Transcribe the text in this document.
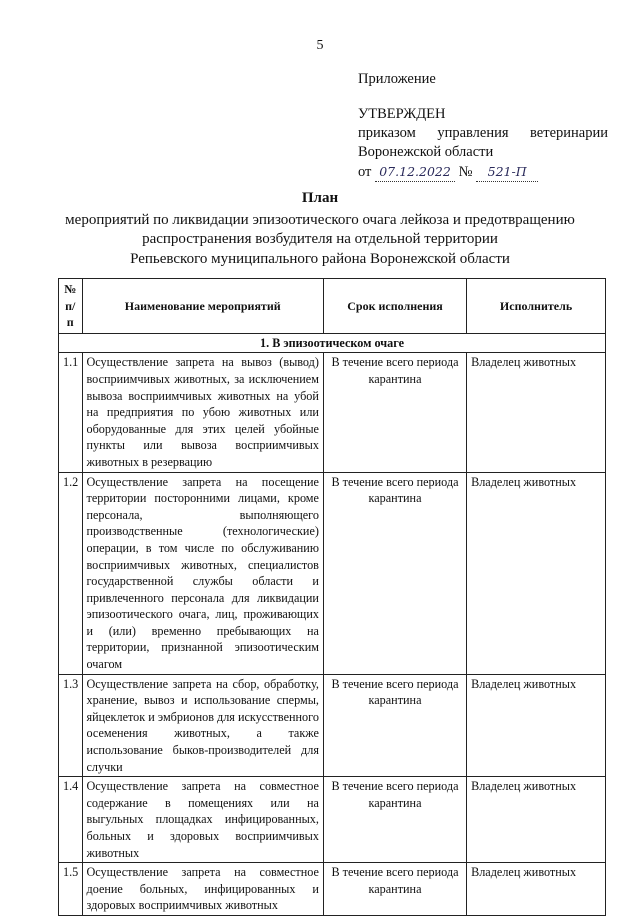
5
Приложение
УТВЕРЖДЕН
приказом управления ветеринарии
Воронежской области
от 07.12.2022 № 521-П
План
мероприятий по ликвидации эпизоотического очага лейкоза и предотвращению
распространения возбудителя на отдельной территории
Репьевского муниципального района Воронежской области
№ п/п	Наименование мероприятий	Срок исполнения	Исполнитель
1. В эпизоотическом очаге			
1.1	Осуществление запрета на вывоз (вывод) восприимчивых животных, за исключением вывоза восприимчивых животных на убой на предприятия по убою животных или оборудованные для этих целей убойные пункты или вывоза восприимчивых животных в резервацию	В течение всего периода карантина	Владелец животных
1.2	Осуществление запрета на посещение территории посторонними лицами, кроме персонала, выполняющего производственные (технологические) операции, в том числе по обслуживанию восприимчивых животных, специалистов государственной службы области и привлеченного персонала для ликвидации эпизоотического очага, лиц, проживающих и (или) временно пребывающих на территории, признанной эпизоотическим очагом	В течение всего периода карантина	Владелец животных
1.3	Осуществление запрета на сбор, обработку, хранение, вывоз и использование спермы, яйцеклеток и эмбрионов для искусственного осеменения животных, а также использование быков-производителей для случки	В течение всего периода карантина	Владелец животных
1.4	Осуществление запрета на совместное содержание в помещениях или на выгульных площадках инфицированных, больных и здоровых восприимчивых животных	В течение всего периода карантина	Владелец животных
1.5	Осуществление запрета на совместное доение больных, инфицированных и здоровых восприимчивых животных	В течение всего периода карантина	Владелец животных
